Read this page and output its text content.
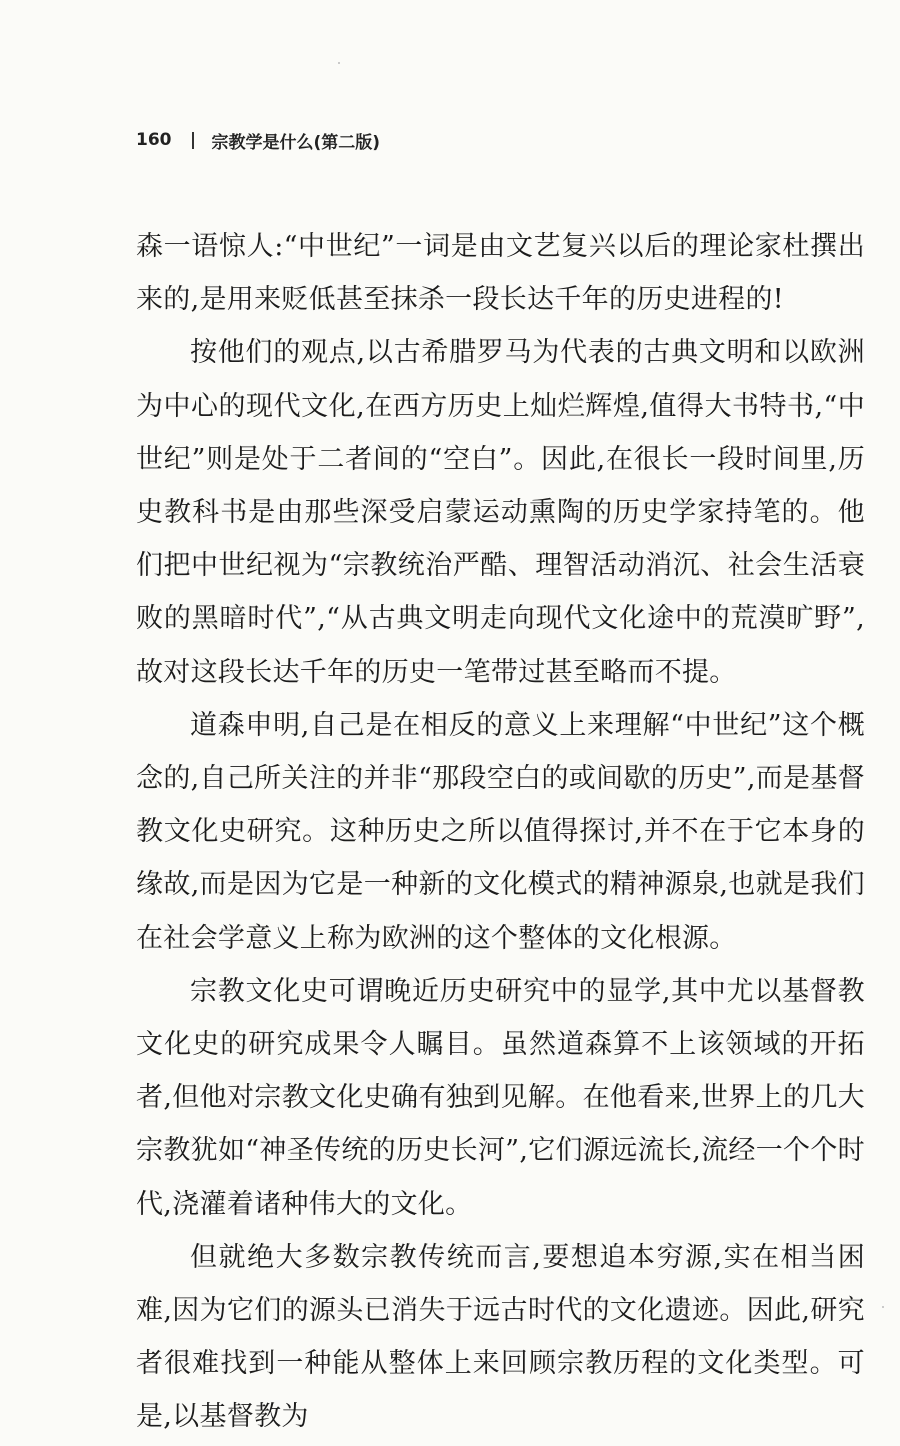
160 宗教学是什么(第二版)

森一语惊人:“中世纪”一词是由文艺复兴以后的理论家杜撰出来的,是用来贬低甚至抹杀一段长达千年的历史进程的!

按他们的观点,以古希腊罗马为代表的古典文明和以欧洲为中心的现代文化,在西方历史上灿烂辉煌,值得大书特书,“中世纪”则是处于二者间的“空白”。因此,在很长一段时间里,历史教科书是由那些深受启蒙运动熏陶的历史学家持笔的。他们把中世纪视为“宗教统治严酷、理智活动消沉、社会生活衰败的黑暗时代”,“从古典文明走向现代文化途中的荒漠旷野”,故对这段长达千年的历史一笔带过甚至略而不提。

道森申明,自己是在相反的意义上来理解“中世纪”这个概念的,自己所关注的并非“那段空白的或间歇的历史”,而是基督教文化史研究。这种历史之所以值得探讨,并不在于它本身的缘故,而是因为它是一种新的文化模式的精神源泉,也就是我们在社会学意义上称为欧洲的这个整体的文化根源。

宗教文化史可谓晚近历史研究中的显学,其中尤以基督教文化史的研究成果令人瞩目。虽然道森算不上该领域的开拓者,但他对宗教文化史确有独到见解。在他看来,世界上的几大宗教犹如“神圣传统的历史长河”,它们源远流长,流经一个个时代,浇灌着诸种伟大的文化。

但就绝大多数宗教传统而言,要想追本穷源,实在相当困难,因为它们的源头已消失于远古时代的文化遗迹。因此,研究者很难找到一种能从整体上来回顾宗教历程的文化类型。可是,以基督教为
